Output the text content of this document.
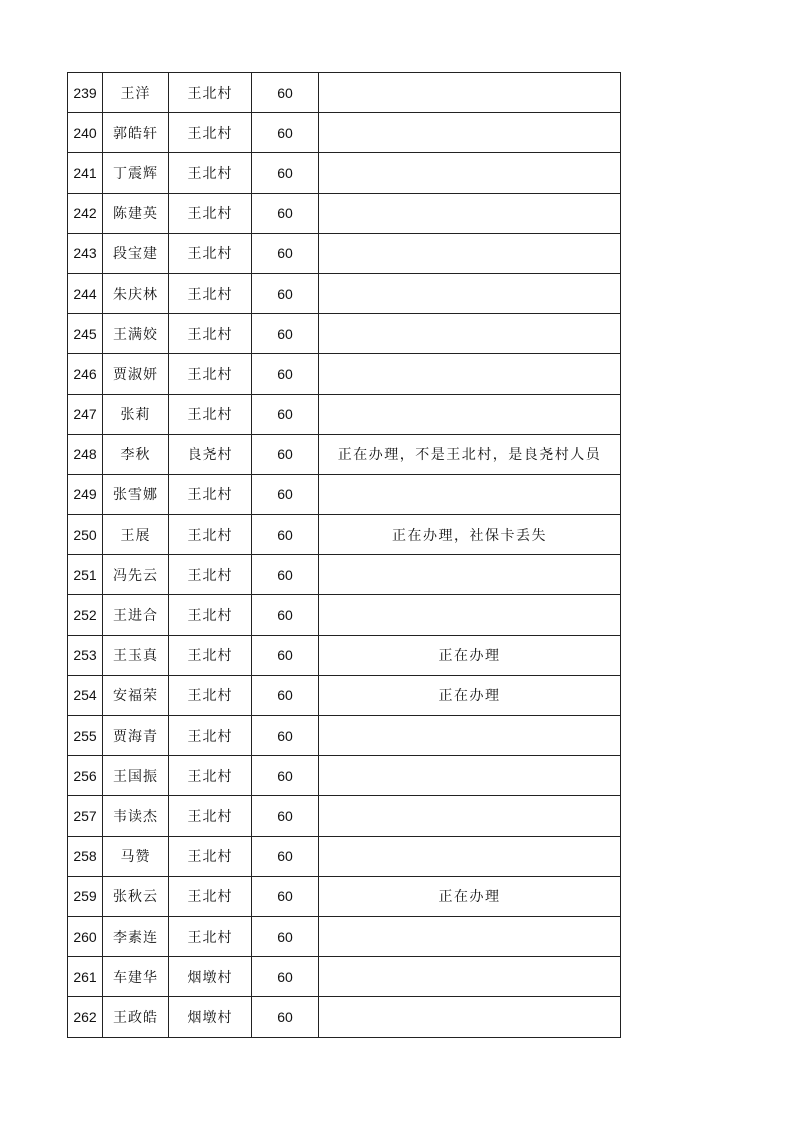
239	王洋	王北村	60	
240	郭皓轩	王北村	60	
241	丁震辉	王北村	60	
242	陈建英	王北村	60	
243	段宝建	王北村	60	
244	朱庆林	王北村	60	
245	王满姣	王北村	60	
246	贾淑妍	王北村	60	
247	张莉	王北村	60	
248	李秋	良尧村	60	正在办理，不是王北村，是良尧村人员
249	张雪娜	王北村	60	
250	王展	王北村	60	正在办理，社保卡丢失
251	冯先云	王北村	60	
252	王进合	王北村	60	
253	王玉真	王北村	60	正在办理
254	安福荣	王北村	60	正在办理
255	贾海青	王北村	60	
256	王国振	王北村	60	
257	韦读杰	王北村	60	
258	马赞	王北村	60	
259	张秋云	王北村	60	正在办理
260	李素连	王北村	60	
261	车建华	烟墩村	60	
262	王政皓	烟墩村	60	
